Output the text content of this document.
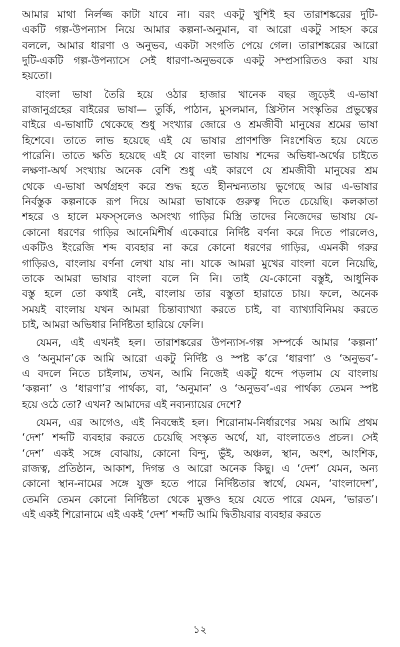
আমার মাথা নির্লজ্জ কাটা যাবে না। বরং একটু খুশিই হব তারাশঙ্করের দুটি-
একটি গল্প-উপন্যাস নিয়ে আমার কল্পনা-অনুমান, বা আরো একটু সাহস করে
বললে, আমার ধারণা ও অনুভব, একটা সংগতি পেয়ে গেল। তারাশঙ্করের আরো
দুটি-একটি গল্প-উপন্যাসে সেই ধারণা-অনুভবকে একটু সম্প্রসারিতও করা যায়
হয়তো।
বাংলা ভাষা তৈরি হয়ে ওঠার হাজার খানেক বছর জুড়েই এ-ভাষা
রাজানুগ্রহের বাইরের ভাষা— তুর্কি, পাঠান, মুসলমান, খ্রিস্টান সংস্কৃতির প্রভুত্বের
বাইরে এ-ভাষাটি থেকেছে শুধু সংখ্যার জোরে ও শ্রমজীবী মানুষের শ্রমের ভাষা
হিশেবে। তাতে লাভ হয়েছে এই যে ভাষার প্রাণশক্তি নিঃশেষিত হয়ে যেতে
পারেনি। তাতে ক্ষতি হয়েছে এই যে বাংলা ভাষায় শব্দের অভিধা-অর্থের চাইতে
লক্ষণা-অর্থ সংখ্যায় অনেক বেশি শুধু এই কারণে যে শ্রমজীবী মানুষের শ্রম
থেকে এ-ভাষা অর্থগ্রহণ করে শুদ্ধ হতে হীনম্মন্যতায় ভুগেছে আর এ-ভাষার
নির্বস্তুক কল্পনাকে রূপ দিয়ে আমরা ভাষাকে গুরুত্ব দিতে চেয়েছি। কলকাতা
শহরে ও হালে মফস্সলেও অসংখ্য গাড়ির মিস্ত্রি তাদের নিজেদের ভাষায় যে-
কোনো ধরণের গাড়ির আনেমিশীর্ষ একেবারে নির্দিষ্ট বর্ণনা করে দিতে পারলেও,
একটিও ইংরেজি শব্দ ব্যবহার না করে কোনো ধরণের গাড়ির, এমনকী গরুর
গাড়িরও, বাংলায় বর্ণনা লেখা যায় না। যাকে আমরা মুখের বাংলা বলে নিয়েছি,
তাকে আমরা ভাষার বাংলা বলে নি নি। তাই যে-কোনো বস্তুই, আধুনিক
বস্তু হলে তো কথাই নেই, বাংলায় তার বস্তুতা হারাতে চায়। ফলে, অনেক
সময়ই বাংলায় যখন আমরা চিন্তাব্যাখ্যা করতে চাই, বা ব্যাখ্যাবিনিময় করতে
চাই, আমরা অভিধার নির্দিষ্টতা হারিয়ে ফেলি।
যেমন, এই এখনই হল। তারাশঙ্করের উপন্যাস-গল্প সম্পর্কে আমার ‘কল্পনা’
ও ‘অনুমান’কে আমি আরো একটু নির্দিষ্ট ও স্পষ্ট ক’রে ‘ধারণা’ ও ‘অনুভব’-
এ বদলে নিতে চাইলাম, তখন, আমি নিজেই একটু ধন্দে পড়লাম যে বাংলায়
‘কল্পনা’ ও ‘ধারণা’র পার্থক্য, বা, ‘অনুমান’ ও ‘অনুভব’-এর পার্থক্য তেমন স্পষ্ট
হয়ে ওঠে তো? এখন? আমাদের এই নব্যন্যায়ের দেশে?
যেমন, এর আগেও, এই নিবন্ধেই হল। শিরোনাম-নির্ধারণের সময় আমি প্রথম
‘দেশ’ শব্দটি ব্যবহার করতে চেয়েছি সংস্কৃত অর্থে, যা, বাংলাতেও প্রচল। সেই
‘দেশ’ একই সঙ্গে বোঝায়, কোনো বিন্দু, ভুঁই, অঞ্চল, স্থান, অংশ, আংশিক,
রাজত্ব, প্রতিষ্ঠান, আকাশ, দিগন্ত ও আরো অনেক কিছু। এ ‘দেশ’ যেমন, অন্য
কোনো স্থান-নামের সঙ্গে যুক্ত হতে পারে নির্দিষ্টতার স্বার্থে, যেমন, ‘বাংলাদেশ’,
তেমনি তেমন কোনো নির্দিষ্টতা থেকে মুক্তও হয়ে যেতে পারে যেমন, ‘ভারত’।
এই একই শিরোনামে এই একই ‘দেশ’ শব্দটি আমি দ্বিতীয়বার ব্যবহার করতে
১২
